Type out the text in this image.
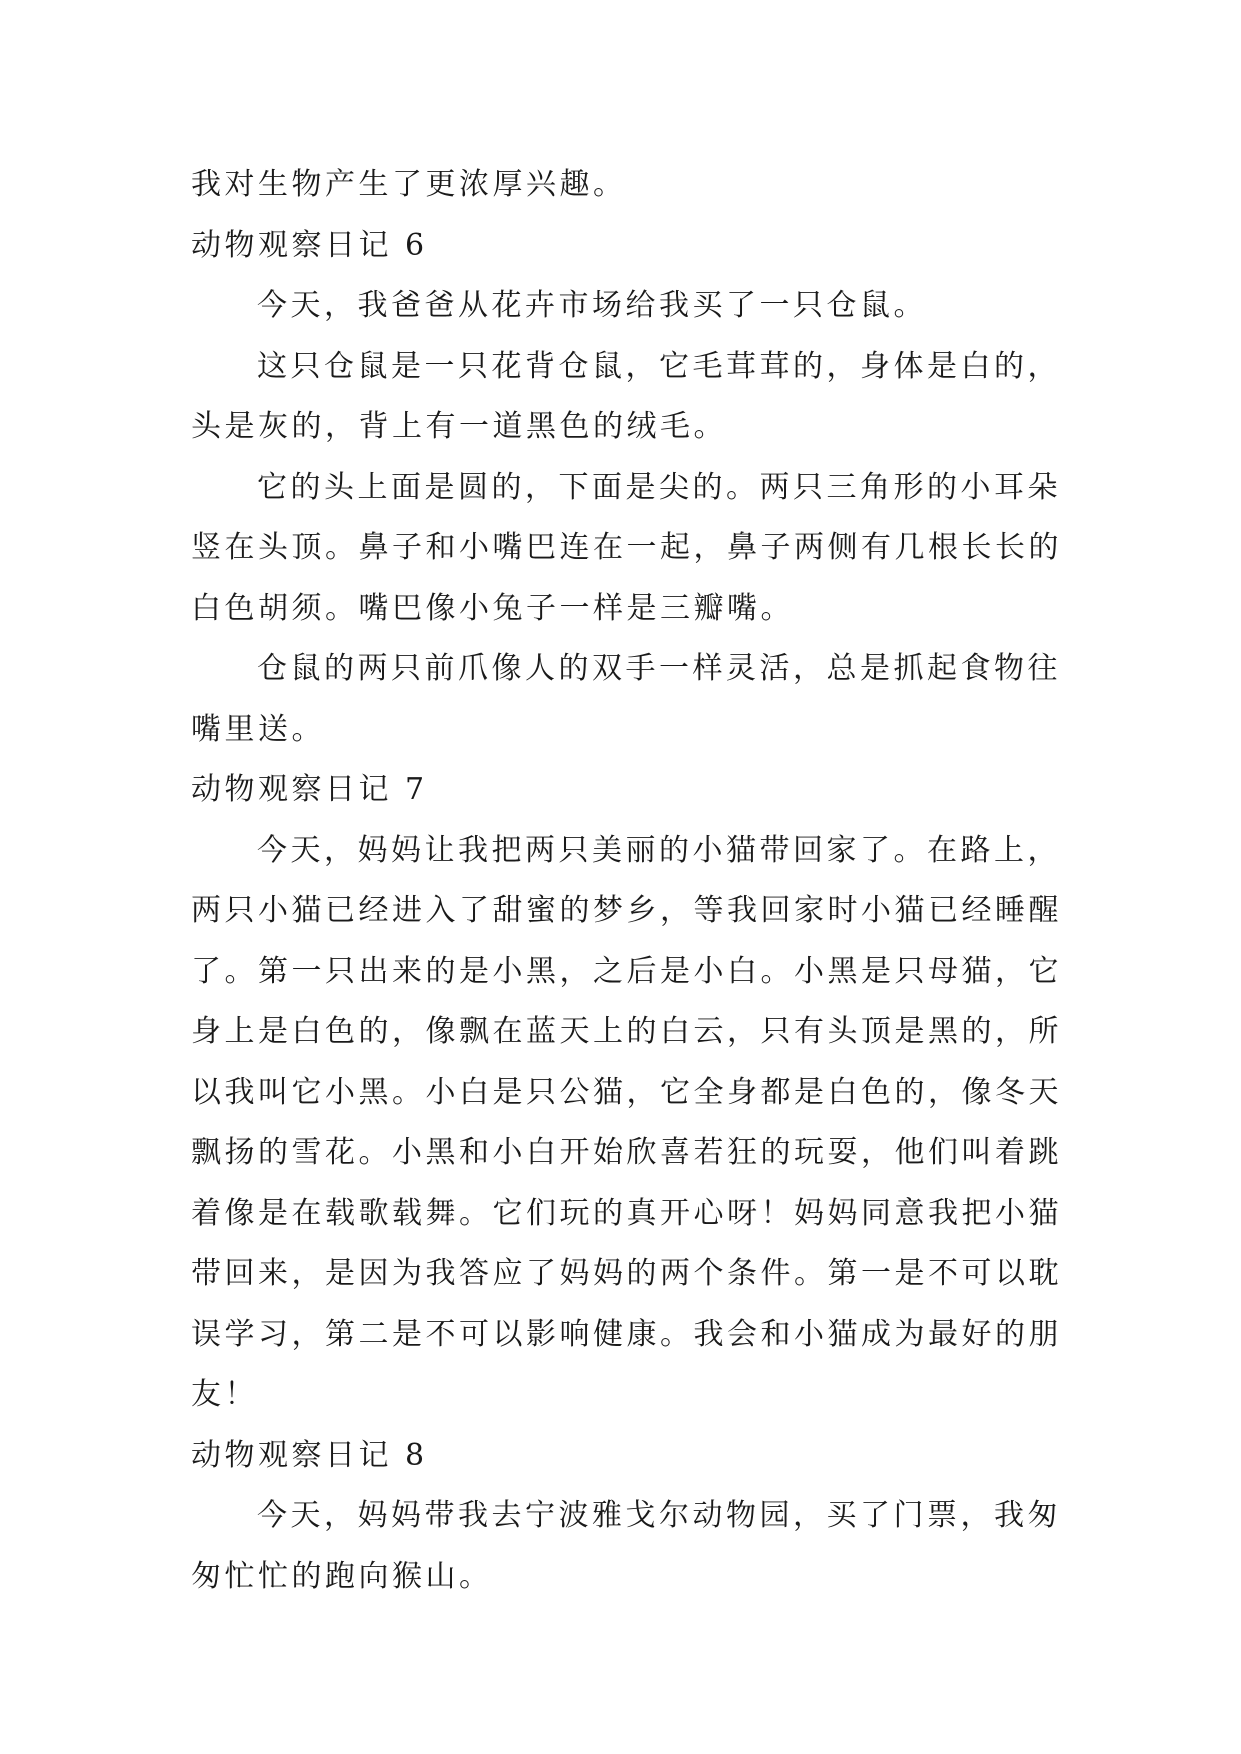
我对生物产生了更浓厚兴趣。
动物观察日记 6
今天，我爸爸从花卉市场给我买了一只仓鼠。
这只仓鼠是一只花背仓鼠，它毛茸茸的，身体是白的，
头是灰的，背上有一道黑色的绒毛。
它的头上面是圆的，下面是尖的。两只三角形的小耳朵
竖在头顶。鼻子和小嘴巴连在一起，鼻子两侧有几根长长的
白色胡须。嘴巴像小兔子一样是三瓣嘴。
仓鼠的两只前爪像人的双手一样灵活，总是抓起食物往
嘴里送。
动物观察日记 7
今天，妈妈让我把两只美丽的小猫带回家了。在路上，
两只小猫已经进入了甜蜜的梦乡，等我回家时小猫已经睡醒
了。第一只出来的是小黑，之后是小白。小黑是只母猫，它
身上是白色的，像飘在蓝天上的白云，只有头顶是黑的，所
以我叫它小黑。小白是只公猫，它全身都是白色的，像冬天
飘扬的雪花。小黑和小白开始欣喜若狂的玩耍，他们叫着跳
着像是在载歌载舞。它们玩的真开心呀！妈妈同意我把小猫
带回来，是因为我答应了妈妈的两个条件。第一是不可以耽
误学习，第二是不可以影响健康。我会和小猫成为最好的朋
友！
动物观察日记 8
今天，妈妈带我去宁波雅戈尔动物园，买了门票，我匆
匆忙忙的跑向猴山。
